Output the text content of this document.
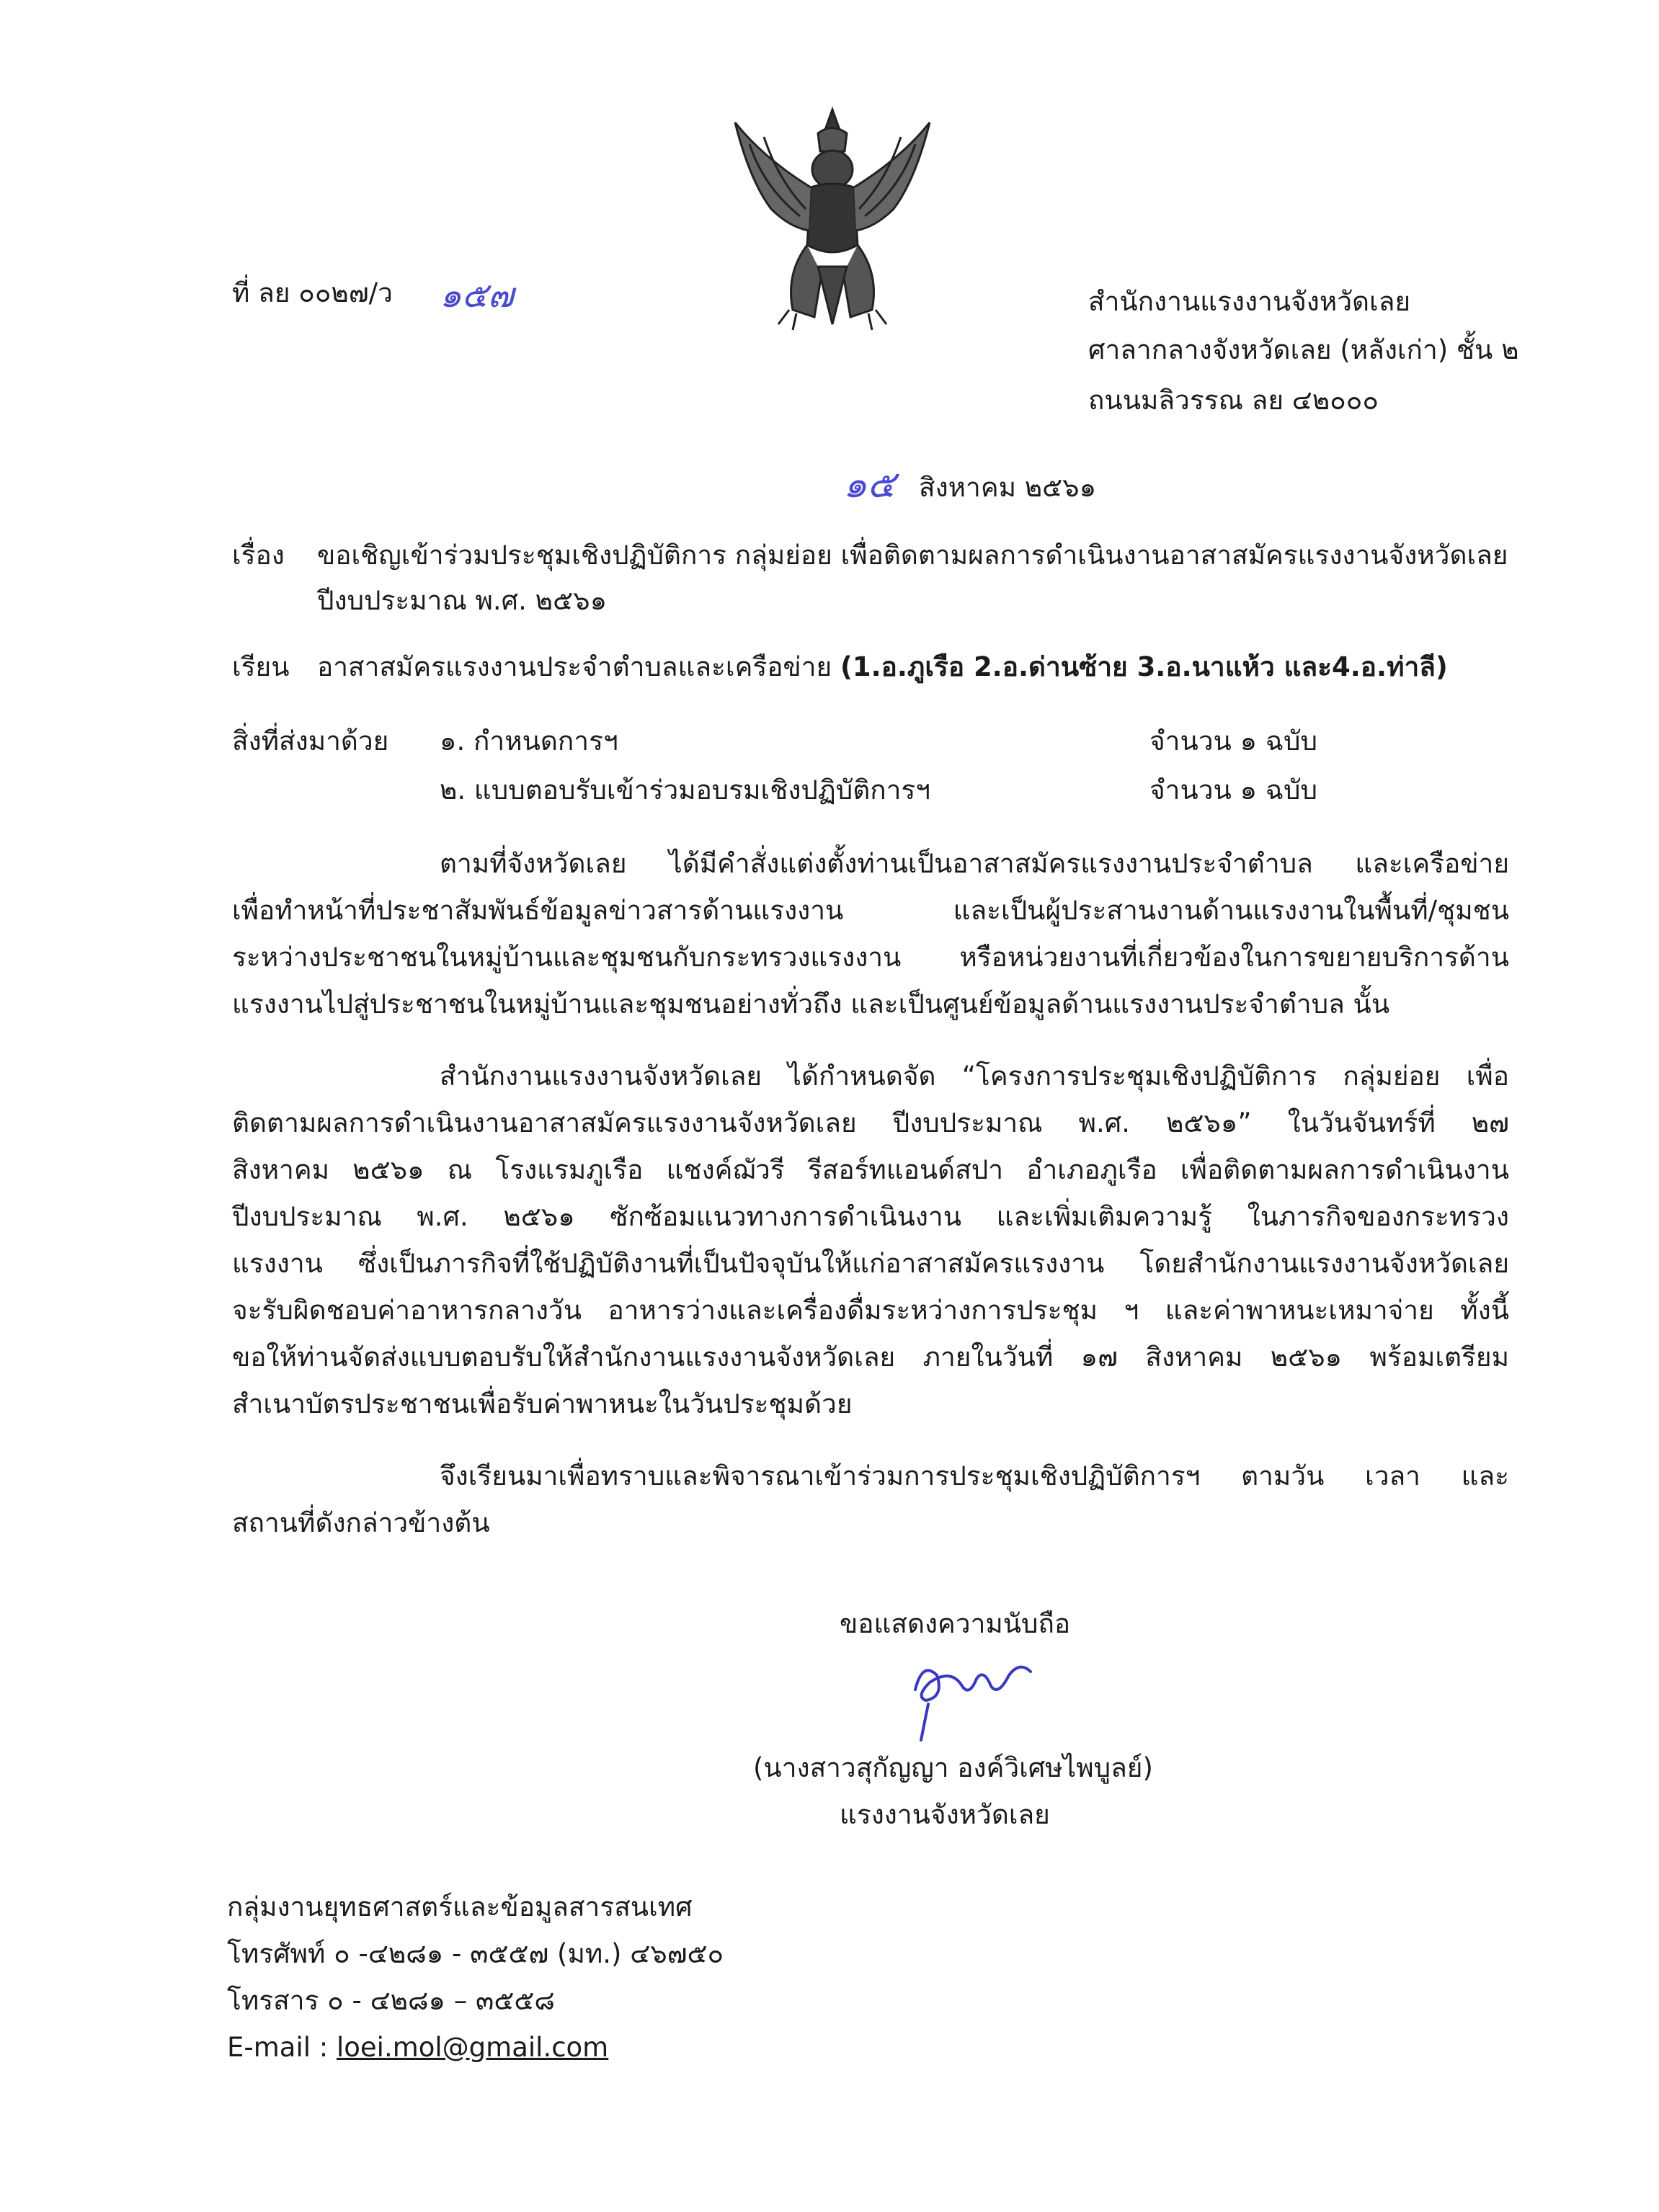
ที่ ลย ๐๐๒๗/ว ๑๕๗	สำนักงานแรงงานจังหวัดเลย
ศาลากลางจังหวัดเลย (หลังเก่า) ชั้น ๒
ถนนมลิวรรณ ลย ๔๒๐๐๐
๑๕ สิงหาคม ๒๕๖๑
เรื่อง ขอเชิญเข้าร่วมประชุมเชิงปฏิบัติการ กลุ่มย่อย เพื่อติดตามผลการดำเนินงานอาสาสมัครแรงงานจังหวัดเลย
ปีงบประมาณ พ.ศ. ๒๕๖๑
เรียน อาสาสมัครแรงงานประจำตำบลและเครือข่าย (1.อ.ภูเรือ 2.อ.ด่านซ้าย 3.อ.นาแห้ว และ4.อ.ท่าลี)
สิ่งที่ส่งมาด้วย ๑. กำหนดการฯ	จำนวน ๑ ฉบับ
๒. แบบตอบรับเข้าร่วมอบรมเชิงปฏิบัติการฯ	จำนวน ๑ ฉบับ
ตามที่จังหวัดเลย ได้มีคำสั่งแต่งตั้งท่านเป็นอาสาสมัครแรงงานประจำตำบล และเครือข่าย
เพื่อทำหน้าที่ประชาสัมพันธ์ข้อมูลข่าวสารด้านแรงงาน และเป็นผู้ประสานงานด้านแรงงานในพื้นที่/ชุมชน
ระหว่างประชาชนในหมู่บ้านและชุมชนกับกระทรวงแรงงาน หรือหน่วยงานที่เกี่ยวข้องในการขยายบริการด้าน
แรงงานไปสู่ประชาชนในหมู่บ้านและชุมชนอย่างทั่วถึง และเป็นศูนย์ข้อมูลด้านแรงงานประจำตำบล นั้น
สำนักงานแรงงานจังหวัดเลย ได้กำหนดจัด “โครงการประชุมเชิงปฏิบัติการ กลุ่มย่อย เพื่อ
ติดตามผลการดำเนินงานอาสาสมัครแรงงานจังหวัดเลย ปีงบประมาณ พ.ศ. ๒๕๖๑” ในวันจันทร์ที่ ๒๗
สิงหาคม ๒๕๖๑ ณ โรงแรมภูเรือ แชงค์ฌัวรี รีสอร์ทแอนด์สปา อำเภอภูเรือ เพื่อติดตามผลการดำเนินงาน
ปีงบประมาณ พ.ศ. ๒๕๖๑ ซักซ้อมแนวทางการดำเนินงาน และเพิ่มเติมความรู้ ในภารกิจของกระทรวง
แรงงาน ซึ่งเป็นภารกิจที่ใช้ปฏิบัติงานที่เป็นปัจจุบันให้แก่อาสาสมัครแรงงาน โดยสำนักงานแรงงานจังหวัดเลย
จะรับผิดชอบค่าอาหารกลางวัน อาหารว่างและเครื่องดื่มระหว่างการประชุม ฯ และค่าพาหนะเหมาจ่าย ทั้งนี้
ขอให้ท่านจัดส่งแบบตอบรับให้สำนักงานแรงงานจังหวัดเลย ภายในวันที่ ๑๗ สิงหาคม ๒๕๖๑ พร้อมเตรียม
สำเนาบัตรประชาชนเพื่อรับค่าพาหนะในวันประชุมด้วย
จึงเรียนมาเพื่อทราบและพิจารณาเข้าร่วมการประชุมเชิงปฏิบัติการฯ ตามวัน เวลา และ
สถานที่ดังกล่าวข้างต้น
ขอแสดงความนับถือ
(นางสาวสุกัญญา องค์วิเศษไพบูลย์)
แรงงานจังหวัดเลย
กลุ่มงานยุทธศาสตร์และข้อมูลสารสนเทศ
โทรศัพท์ ๐ -๔๒๘๑ - ๓๕๕๗ (มท.) ๔๖๗๕๐
โทรสาร ๐ - ๔๒๘๑ – ๓๕๕๘
E-mail : loei.mol@gmail.com
